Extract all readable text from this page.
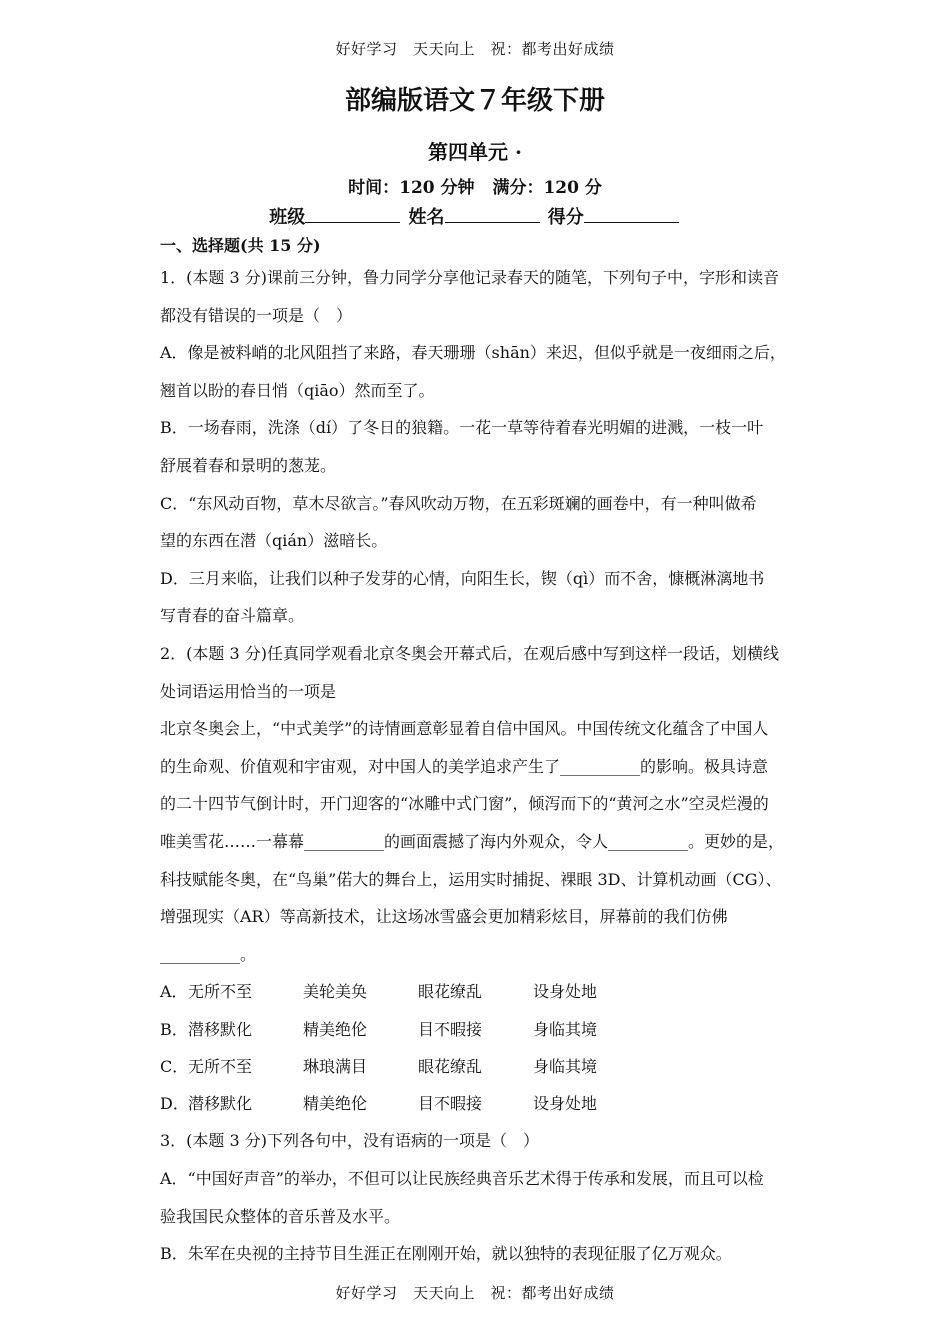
好好学习　天天向上　祝：都考出好成绩
部编版语文７年级下册
第四单元 ·
时间：120 分钟 满分：120 分
班级	姓名	得分
一、选择题(共 15 分)
1．(本题 3 分)课前三分钟，鲁力同学分享他记录春天的随笔，下列句子中，字形和读音
都没有错误的一项是（　）
A．像是被料峭的北风阻挡了来路，春天珊珊（shān）来迟，但似乎就是一夜细雨之后，
翘首以盼的春日悄（qiāo）然而至了。
B．一场春雨，洗涤（dí）了冬日的狼籍。一花一草等待着春光明媚的进溅，一枝一叶
舒展着春和景明的葱茏。
C．“东风动百物，草木尽欲言。”春风吹动万物，在五彩斑斓的画卷中，有一种叫做希
望的东西在潜（qián）滋暗长。
D．三月来临，让我们以种子发芽的心情，向阳生长，锲（qì）而不舍，慷概淋漓地书
写青春的奋斗篇章。
2．(本题 3 分)任真同学观看北京冬奥会开幕式后，在观后感中写到这样一段话，划横线
处词语运用恰当的一项是
北京冬奥会上，“中式美学”的诗情画意彰显着自信中国风。中国传统文化蕴含了中国人
的生命观、价值观和宇宙观，对中国人的美学追求产生了__________的影响。极具诗意
的二十四节气倒计时，开门迎客的“冰雕中式门窗”，倾泻而下的“黄河之水”空灵烂漫的
唯美雪花……一幕幕__________的画面震撼了海内外观众，令人__________。更妙的是，
科技赋能冬奥，在“鸟巢”偌大的舞台上，运用实时捕捉、裸眼 3D、计算机动画（CG）、
增强现实（AR）等高新技术，让这场冰雪盛会更加精彩炫目，屏幕前的我们仿佛
__________。
A． 无所不至	美轮美奂	眼花缭乱	设身处地
B． 潜移默化	精美绝伦	目不暇接	身临其境
C． 无所不至	琳琅满目	眼花缭乱	身临其境
D． 潜移默化	精美绝伦	目不暇接	设身处地
3．(本题 3 分)下列各句中，没有语病的一项是（　）
A．“中国好声音”的举办，不但可以让民族经典音乐艺术得于传承和发展，而且可以检
验我国民众整体的音乐普及水平。
B．朱军在央视的主持节目生涯正在刚刚开始，就以独特的表现征服了亿万观众。
好好学习　天天向上　祝：都考出好成绩
